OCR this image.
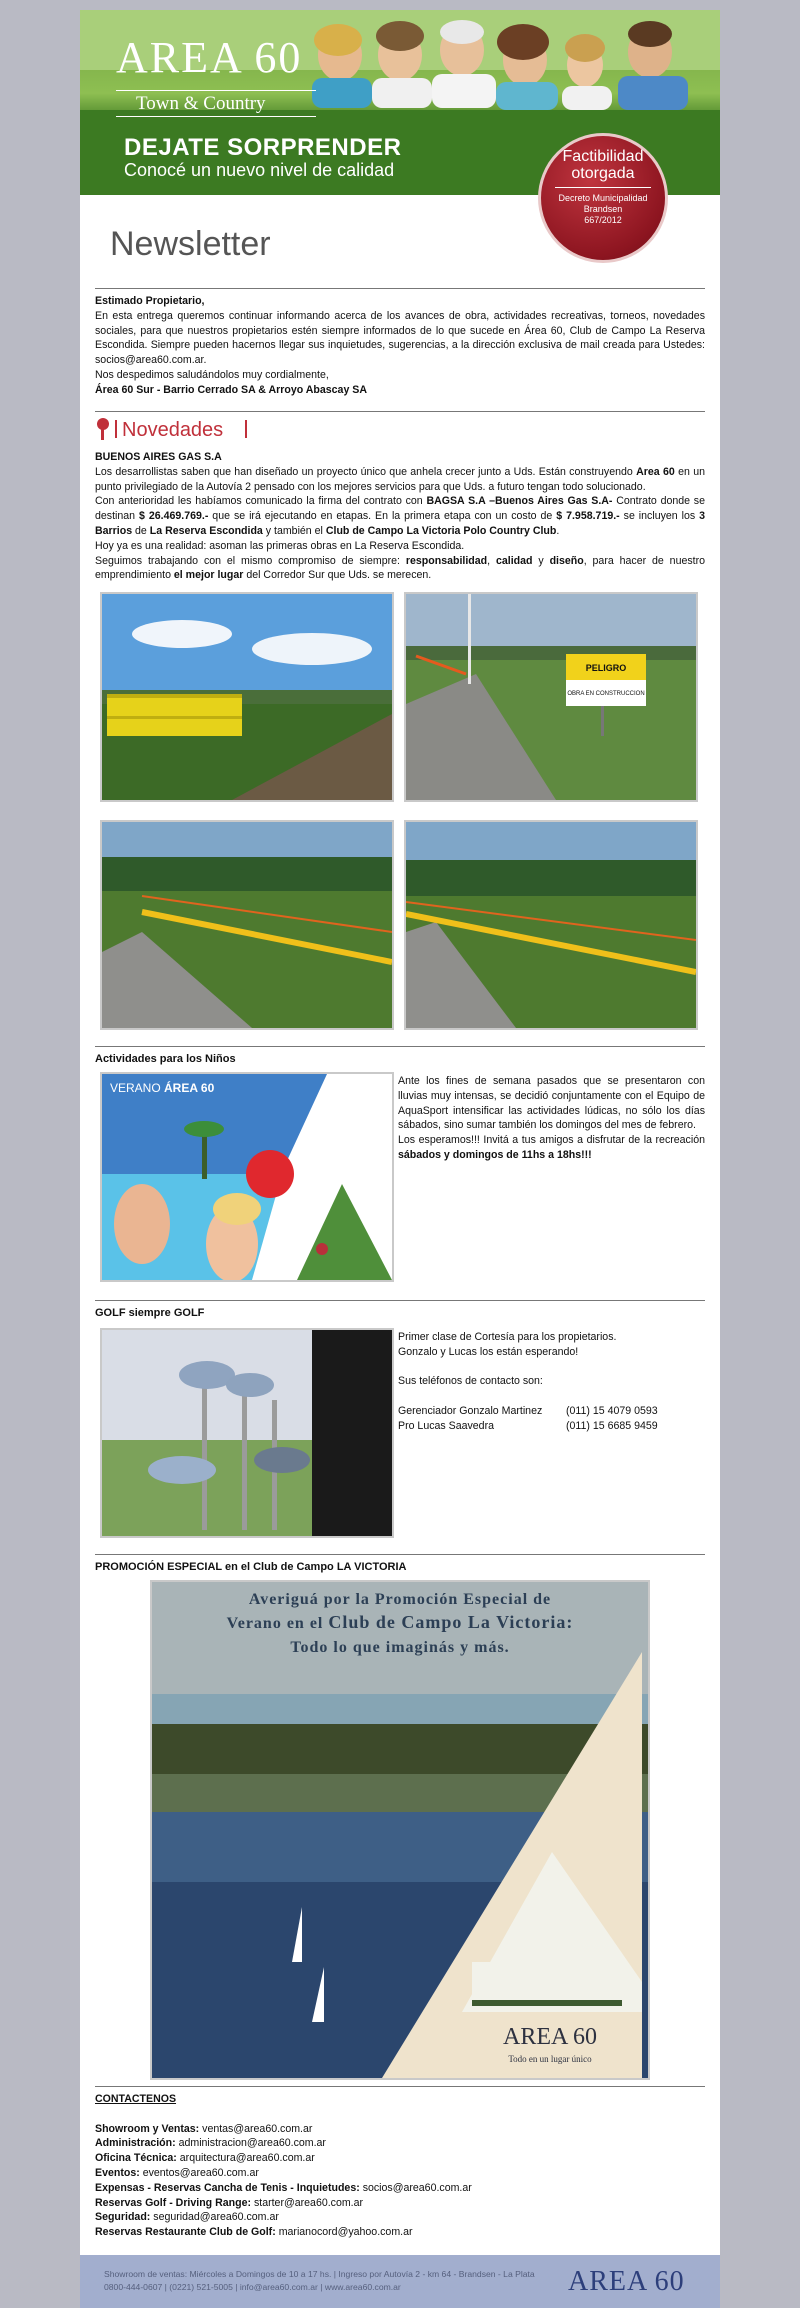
AREA 60
Town & Country
DEJATE SORPRENDER
Conocé un nuevo nivel de calidad
Factibilidad otorgada
Decreto Municipalidad
Brandsen
667/2012
Newsletter

Estimado Propietario,

En esta entrega queremos continuar informando acerca de los avances de obra, actividades recreativas, torneos, novedades sociales, para que nuestros propietarios estén siempre informados de lo que sucede en Área 60, Club de Campo La Reserva Escondida. Siempre pueden hacernos llegar sus inquietudes, sugerencias, a la dirección exclusiva de mail creada para Ustedes: socios@area60.com.ar.

Nos despedimos saludándolos muy cordialmente,

Área 60 Sur - Barrio Cerrado SA & Arroyo Abascay SA

Novedades

BUENOS AIRES GAS S.A

Los desarrollistas saben que han diseñado un proyecto único que anhela crecer junto a Uds. Están construyendo Area 60 en un punto privilegiado de la Autovía 2 pensado con los mejores servicios para que Uds. a futuro tengan todo solucionado.

Con anterioridad les habíamos comunicado la firma del contrato con BAGSA S.A –Buenos Aires Gas S.A- Contrato donde se destinan $ 26.469.769.- que se irá ejecutando en etapas. En la primera etapa con un costo de $ 7.958.719.- se incluyen los 3 Barrios de La Reserva Escondida y también el Club de Campo La Victoria Polo Country Club.

Hoy ya es una realidad: asoman las primeras obras en La Reserva Escondida.

Seguimos trabajando con el mismo compromiso de siempre: responsabilidad, calidad y diseño, para hacer de nuestro emprendimiento el mejor lugar del Corredor Sur que Uds. se merecen.

PELIGRO
OBRA EN CONSTRUCCION
Actividades para los Niños
VERANO ÁREA 60	Ante los fines de semana pasados que se presentaron con lluvias muy intensas, se decidió conjuntamente con el Equipo de AquaSport intensificar las actividades lúdicas, no sólo los días sábados, sino sumar también los domingos del mes de febrero.

Los esperamos!!! Invitá a tus amigos a disfrutar de la recreación sábados y domingos de 11hs a 18hs!!!

GOLF siempre GOLF

Primer clase de Cortesía para los propietarios.

Gonzalo y Lucas los están esperando!

Sus teléfonos de contacto son:

Gerenciador Gonzalo Martinez (011) 15 4079 0593

Pro Lucas Saavedra	(011) 15 6685 9459

PROMOCIÓN ESPECIAL en el Club de Campo LA VICTORIA
Averiguá por la Promoción Especial de
Verano en el Club de Campo La Victoria:
Todo lo que imaginás y más.
AREA 60
Todo en un lugar único

CONTACTENOS

Showroom y Ventas: ventas@area60.com.ar

Administración: administracion@area60.com.ar

Oficina Técnica: arquitectura@area60.com.ar

Eventos: eventos@area60.com.ar

Expensas - Reservas Cancha de Tenis - Inquietudes: socios@area60.com.ar

Reservas Golf - Driving Range: starter@area60.com.ar

Seguridad: seguridad@area60.com.ar

Reservas Restaurante Club de Golf: marianocord@yahoo.com.ar

Showroom de ventas: Miércoles a Domingos de 10 a 17 hs. | Ingreso por Autovía 2 - km 64 - Brandsen - La Plata
0800-444-0607 | (0221) 521-5005 | info@area60.com.ar | www.area60.com.ar	AREA 60
